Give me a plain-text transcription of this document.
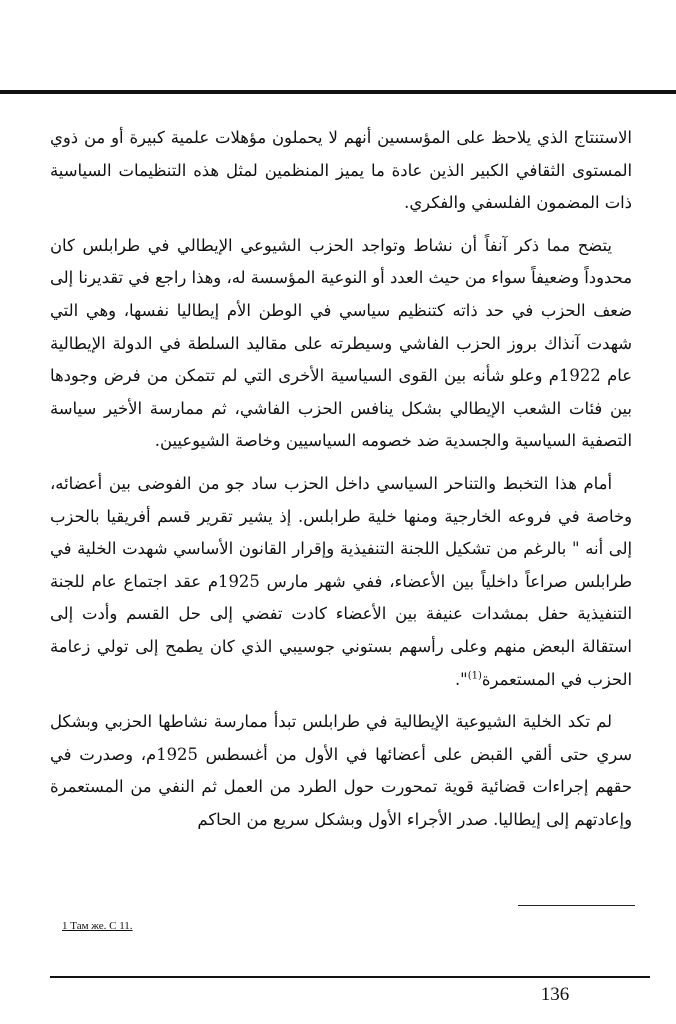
الاستنتاج الذي يلاحظ على المؤسسين أنهم لا يحملون مؤهلات علمية كبيرة أو من ذوي المستوى الثقافي الكبير الذين عادة ما يميز المنظمين لمثل هذه التنظيمات السياسية ذات المضمون الفلسفي والفكري.

يتضح مما ذكر آنفاً أن نشاط وتواجد الحزب الشيوعي الإيطالي في طرابلس كان محدوداً وضعيفاً سواء من حيث العدد أو النوعية المؤسسة له، وهذا راجع في تقديرنا إلى ضعف الحزب في حد ذاته كتنظيم سياسي في الوطن الأم إيطاليا نفسها، وهي التي شهدت آنذاك بروز الحزب الفاشي وسيطرته على مقاليد السلطة في الدولة الإيطالية عام 1922م وعلو شأنه بين القوى السياسية الأخرى التي لم تتمكن من فرض وجودها بين فئات الشعب الإيطالي بشكل ينافس الحزب الفاشي، ثم ممارسة الأخير سياسة التصفية السياسية والجسدية ضد خصومه السياسيين وخاصة الشيوعيين.

أمام هذا التخبط والتناحر السياسي داخل الحزب ساد جو من الفوضى بين أعضائه، وخاصة في فروعه الخارجية ومنها خلية طرابلس. إذ يشير تقرير قسم أفريقيا بالحزب إلى أنه " بالرغم من تشكيل اللجنة التنفيذية وإقرار القانون الأساسي شهدت الخلية في طرابلس صراعاً داخلياً بين الأعضاء، ففي شهر مارس 1925م عقد اجتماع عام للجنة التنفيذية حفل بمشدات عنيفة بين الأعضاء كادت تفضي إلى حل القسم وأدت إلى استقالة البعض منهم وعلى رأسهم بستوني جوسيبي الذي كان يطمح إلى تولي زعامة الحزب في المستعمرة$^{(1)}$".

لم تكد الخلية الشيوعية الإيطالية في طرابلس تبدأ ممارسة نشاطها الحزبي وبشكل سري حتى ألقي القبض على أعضائها في الأول من أغسطس 1925م، وصدرت في حقهم إجراءات قضائية قوية تمحورت حول الطرد من العمل ثم النفي من المستعمرة وإعادتهم إلى إيطاليا. صدر الأجراء الأول وبشكل سريع من الحاكم

1 Там же. С 11.
136
